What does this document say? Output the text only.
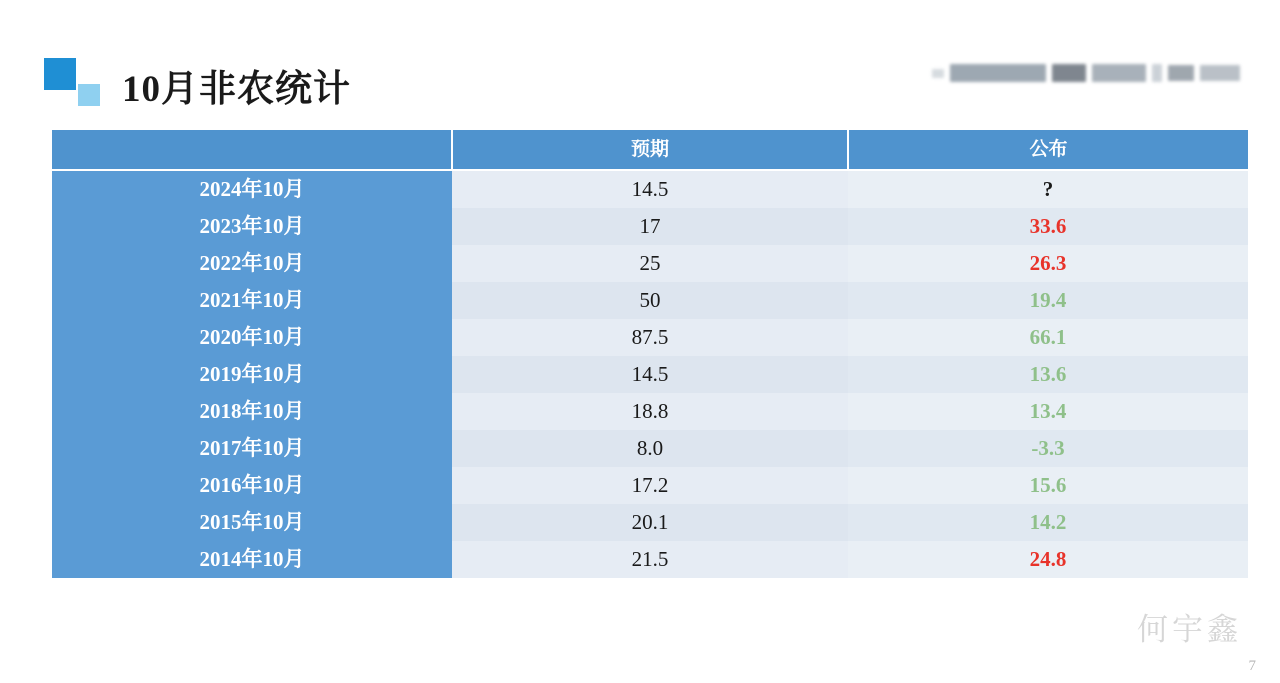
10月非农统计
	预期	公布
2024年10月	14.5	?
2023年10月	17	33.6
2022年10月	25	26.3
2021年10月	50	19.4
2020年10月	87.5	66.1
2019年10月	14.5	13.6
2018年10月	18.8	13.4
2017年10月	8.0	-3.3
2016年10月	17.2	15.6
2015年10月	20.1	14.2
2014年10月	21.5	24.8
何宇鑫
7
